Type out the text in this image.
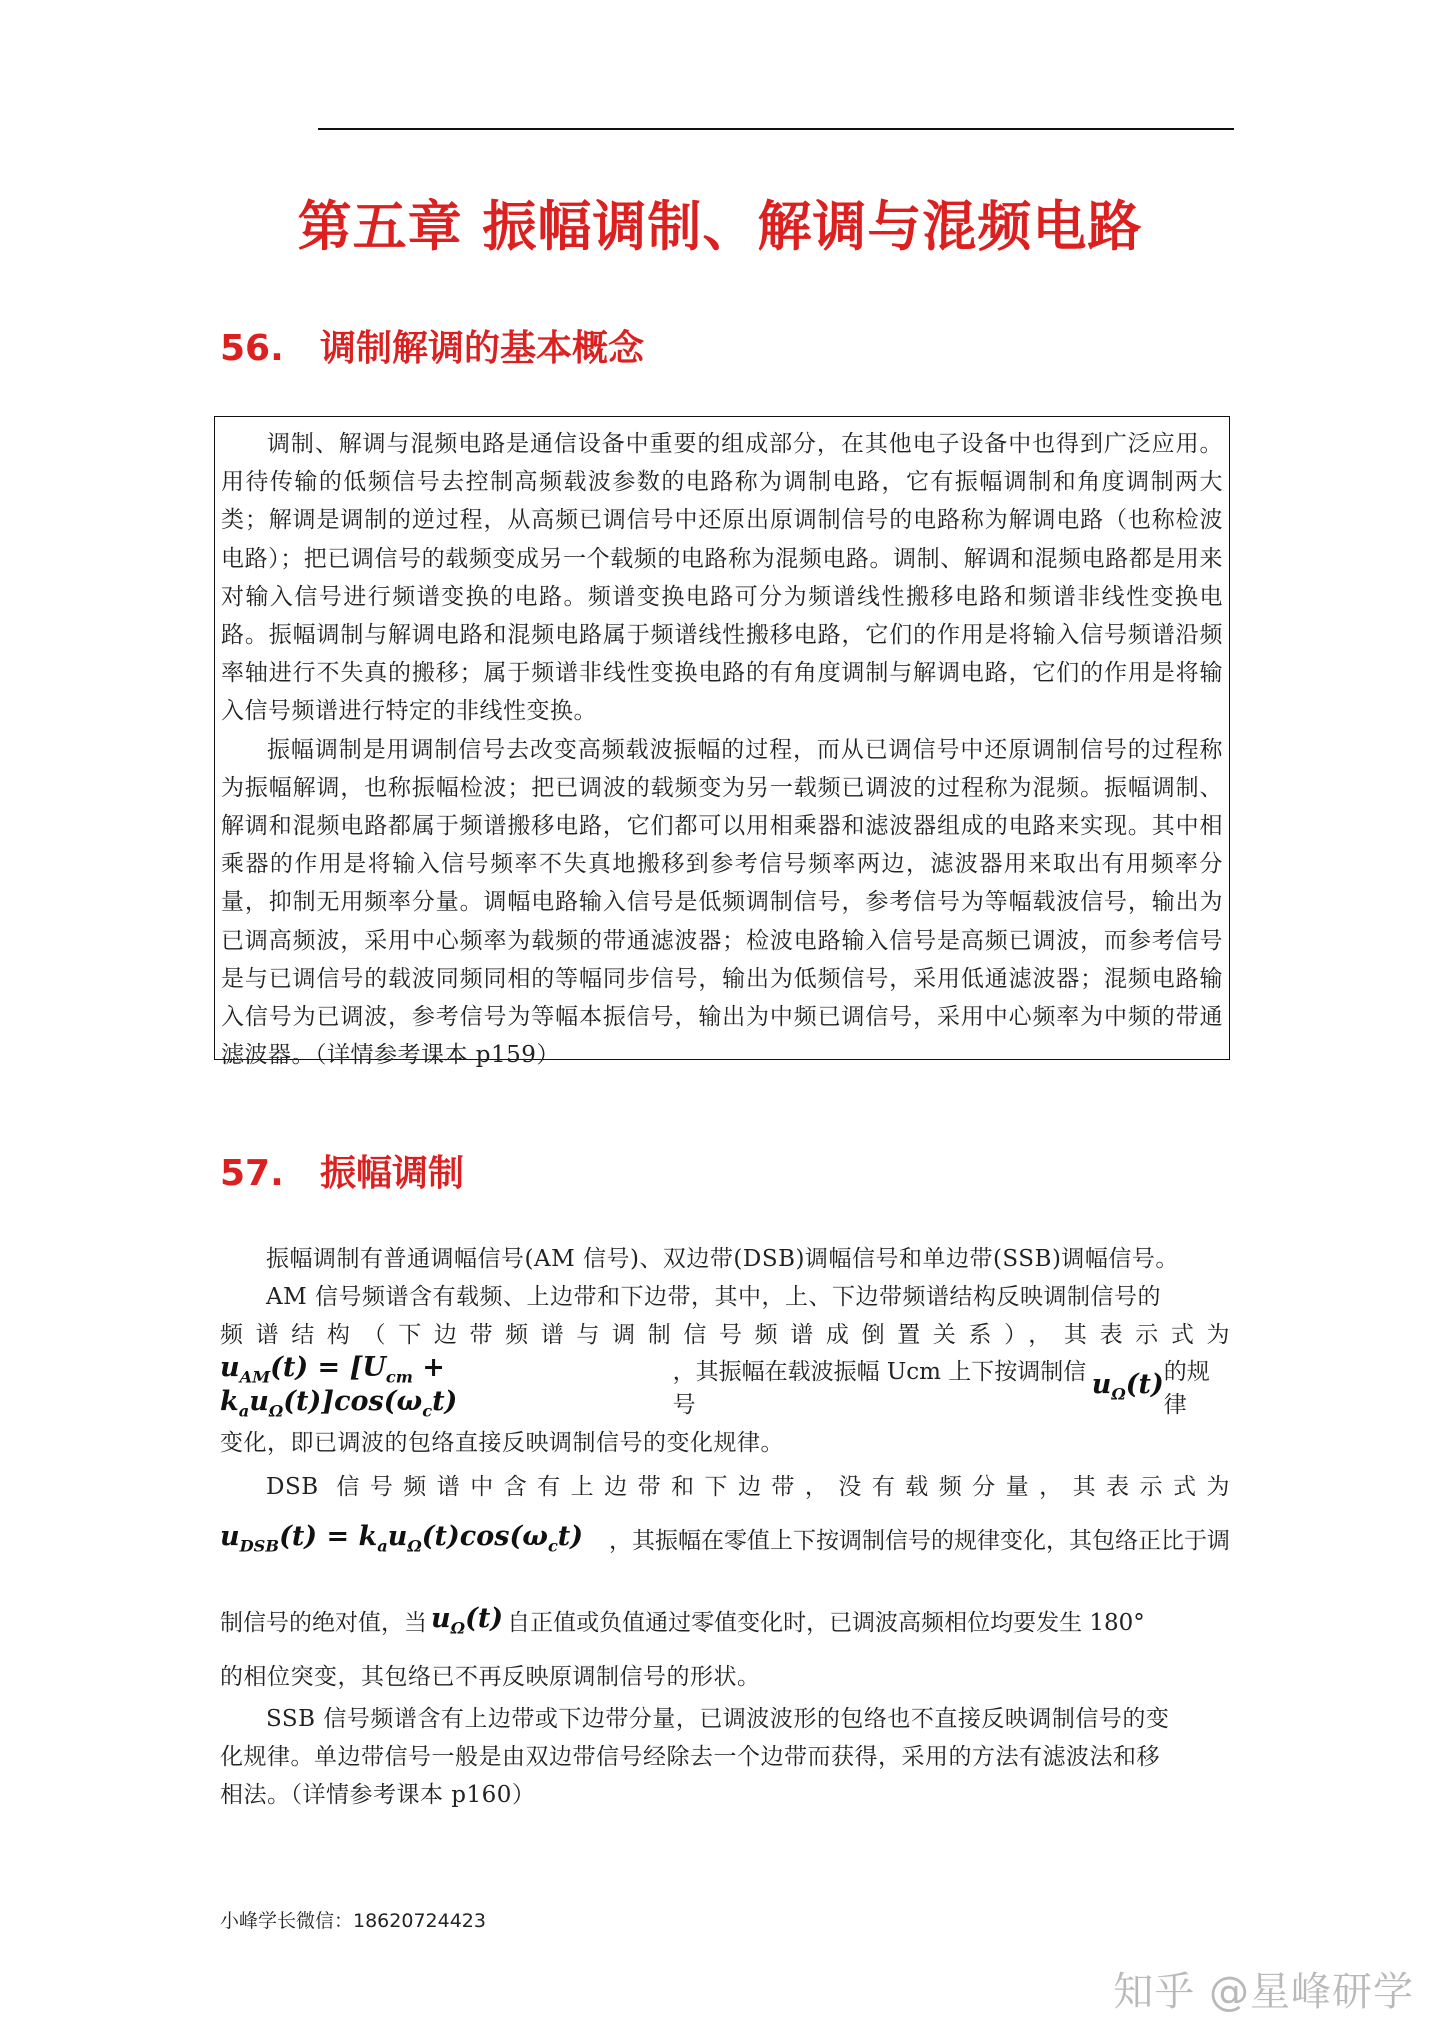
第五章 振幅调制、解调与混频电路
56. 调制解调的基本概念

调制、解调与混频电路是通信设备中重要的组成部分，在其他电子设备中也得到广泛应用。用待传输的低频信号去控制高频载波参数的电路称为调制电路，它有振幅调制和角度调制两大类；解调是调制的逆过程，从高频已调信号中还原出原调制信号的电路称为解调电路（也称检波电路）；把已调信号的载频变成另一个载频的电路称为混频电路。调制、解调和混频电路都是用来对输入信号进行频谱变换的电路。频谱变换电路可分为频谱线性搬移电路和频谱非线性变换电路。振幅调制与解调电路和混频电路属于频谱线性搬移电路，它们的作用是将输入信号频谱沿频率轴进行不失真的搬移；属于频谱非线性变换电路的有角度调制与解调电路，它们的作用是将输入信号频谱进行特定的非线性变换。

振幅调制是用调制信号去改变高频载波振幅的过程，而从已调信号中还原调制信号的过程称为振幅解调，也称振幅检波；把已调波的载频变为另一载频已调波的过程称为混频。振幅调制、解调和混频电路都属于频谱搬移电路，它们都可以用相乘器和滤波器组成的电路来实现。其中相乘器的作用是将输入信号频率不失真地搬移到参考信号频率两边，滤波器用来取出有用频率分量，抑制无用频率分量。调幅电路输入信号是低频调制信号，参考信号为等幅载波信号，输出为已调高频波，采用中心频率为载频的带通滤波器；检波电路输入信号是高频已调波，而参考信号是与已调信号的载波同频同相的等幅同步信号，输出为低频信号，采用低通滤波器；混频电路输入信号为已调波，参考信号为等幅本振信号，输出为中频已调信号，采用中心频率为中频的带通滤波器。（详情参考课本 p159）

57. 振幅调制
振幅调制有普通调幅信号(AM 信号)、双边带(DSB)调幅信号和单边带(SSB)调幅信号。
AM 信号频谱含有载频、上边带和下边带，其中，上、下边带频谱结构反映调制信号的
频谱结构（下边带频谱与调制信号频谱成倒置关系），其表示式为
$u_{AM}(t) = [U_{cm} + k_au_\Omega(t)]\cos(\omega_ct)$
，其振幅在载波振幅 Ucm 上下按调制信号
$u_\Omega(t)$ 的规律
变化，即已调波的包络直接反映调制信号的变化规律。
DSB 信号频谱中含有上边带和下边带，没有载频分量，其表示式为
$u_{DSB}(t) = k_au_\Omega(t)\cos(\omega_ct)$ ，其振幅在零值上下按调制信号的规律变化，其包络正比于调
制信号的绝对值，当 $u_\Omega(t)$ 自正值或负值通过零值变化时，已调波高频相位均要发生 180°
的相位突变，其包络已不再反映原调制信号的形状。
SSB 信号频谱含有上边带或下边带分量，已调波波形的包络也不直接反映调制信号的变
化规律。单边带信号一般是由双边带信号经除去一个边带而获得，采用的方法有滤波法和移
相法。（详情参考课本 p160）
小峰学长微信：18620724423
知乎 @星峰研学
